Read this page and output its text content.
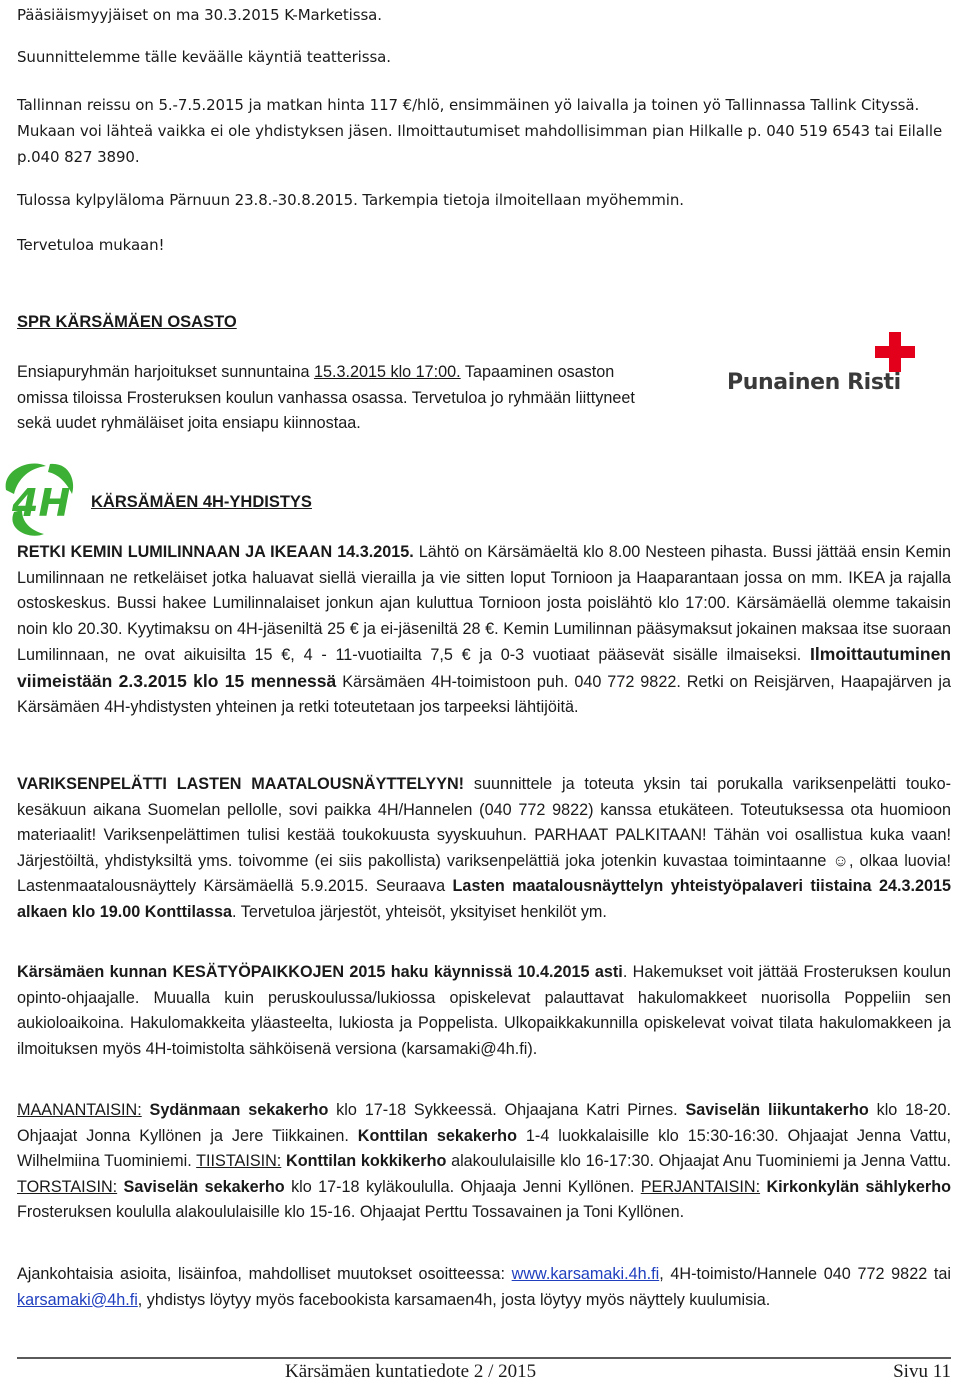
Pääsiäismyyjäiset on ma 30.3.2015 K-Marketissa.

Suunnittelemme tälle keväälle käyntiä teatterissa.

Tallinnan reissu on 5.-7.5.2015 ja matkan hinta 117 €/hlö, ensimmäinen yö laivalla ja toinen yö Tallinnassa Tallink Cityssä. Mukaan voi lähteä vaikka ei ole yhdistyksen jäsen. Ilmoittautumiset mahdollisimman pian Hilkalle p. 040 519 6543 tai Eilalle p.040 827 3890.

Tulossa kylpyläloma Pärnuun 23.8.-30.8.2015. Tarkempia tietoja ilmoitellaan myöhemmin.

Tervetuloa mukaan!

SPR KÄRSÄMÄEN OSASTO

Ensiapuryhmän harjoitukset sunnuntaina 15.3.2015 klo 17:00. Tapaaminen osaston omissa tiloissa Frosteruksen koulun vanhassa osassa. Tervetuloa jo ryhmään liittyneet sekä uudet ryhmäläiset joita ensiapu kiinnostaa.

Punainen Risti
4H KÄRSÄMÄEN 4H-YHDISTYS

RETKI KEMIN LUMILINNAAN JA IKEAAN 14.3.2015. Lähtö on Kärsämäeltä klo 8.00 Nesteen pihasta. Bussi jättää ensin Kemin Lumilinnaan ne retkeläiset jotka haluavat siellä vierailla ja vie sitten loput Tornioon ja Haaparantaan jossa on mm. IKEA ja rajalla ostoskeskus. Bussi hakee Lumilinnalaiset jonkun ajan kuluttua Tornioon josta poislähtö klo 17:00. Kärsämäellä olemme takaisin noin klo 20.30. Kyytimaksu on 4H-jäseniltä 25 € ja ei-jäseniltä 28 €. Kemin Lumilinnan pääsymaksut jokainen maksaa itse suoraan Lumilinnaan, ne ovat aikuisilta 15 €, 4 - 11-vuotiailta 7,5 € ja 0-3 vuotiaat pääsevät sisälle ilmaiseksi. Ilmoittautuminen viimeistään 2.3.2015 klo 15 mennessä Kärsämäen 4H-toimistoon puh. 040 772 9822. Retki on Reisjärven, Haapajärven ja Kärsämäen 4H-yhdistysten yhteinen ja retki toteutetaan jos tarpeeksi lähtijöitä.

VARIKSENPELÄTTI LASTEN MAATALOUSNÄYTTELYYN! suunnittele ja toteuta yksin tai porukalla variksenpelätti touko-kesäkuun aikana Suomelan pellolle, sovi paikka 4H/Hannelen (040 772 9822) kanssa etukäteen. Toteutuksessa ota huomioon materiaalit! Variksenpelättimen tulisi kestää toukokuusta syyskuuhun. PARHAAT PALKITAAN! Tähän voi osallistua kuka vaan! Järjestöiltä, yhdistyksiltä yms. toivomme (ei siis pakollista) variksenpelättiä joka jotenkin kuvastaa toimintaanne ☺, olkaa luovia! Lastenmaatalousnäyttely Kärsämäellä 5.9.2015. Seuraava Lasten maatalousnäyttelyn yhteistyöpalaveri tiistaina 24.3.2015 alkaen klo 19.00 Konttilassa. Tervetuloa järjestöt, yhteisöt, yksityiset henkilöt ym.

Kärsämäen kunnan KESÄTYÖPAIKKOJEN 2015 haku käynnissä 10.4.2015 asti. Hakemukset voit jättää Frosteruksen koulun opinto-ohjaajalle. Muualla kuin peruskoulussa/lukiossa opiskelevat palauttavat hakulomakkeet nuorisolla Poppeliin sen aukioloaikoina. Hakulomakkeita yläasteelta, lukiosta ja Poppelista. Ulkopaikkakunnilla opiskelevat voivat tilata hakulomakkeen ja ilmoituksen myös 4H-toimistolta sähköisenä versiona (karsamaki@4h.fi).

MAANANTAISIN: Sydänmaan sekakerho klo 17-18 Sykkeessä. Ohjaajana Katri Pirnes. Saviselän liikuntakerho klo 18-20. Ohjaajat Jonna Kyllönen ja Jere Tiikkainen. Konttilan sekakerho 1-4 luokkalaisille klo 15:30-16:30. Ohjaajat Jenna Vattu, Wilhelmiina Tuominiemi. TIISTAISIN: Konttilan kokkikerho alakoululaisille klo 16-17:30. Ohjaajat Anu Tuominiemi ja Jenna Vattu. TORSTAISIN: Saviselän sekakerho klo 17-18 kyläkoululla. Ohjaaja Jenni Kyllönen. PERJANTAISIN: Kirkonkylän sählykerho Frosteruksen koululla alakoululaisille klo 15-16. Ohjaajat Perttu Tossavainen ja Toni Kyllönen.

Ajankohtaisia asioita, lisäinfoa, mahdolliset muutokset osoitteessa: www.karsamaki.4h.fi, 4H-toimisto/Hannele 040 772 9822 tai karsamaki@4h.fi, yhdistys löytyy myös facebookista karsamaen4h, josta löytyy myös näyttely kuulumisia.

Kärsämäen kuntatiedote 2 / 2015	Sivu 11
